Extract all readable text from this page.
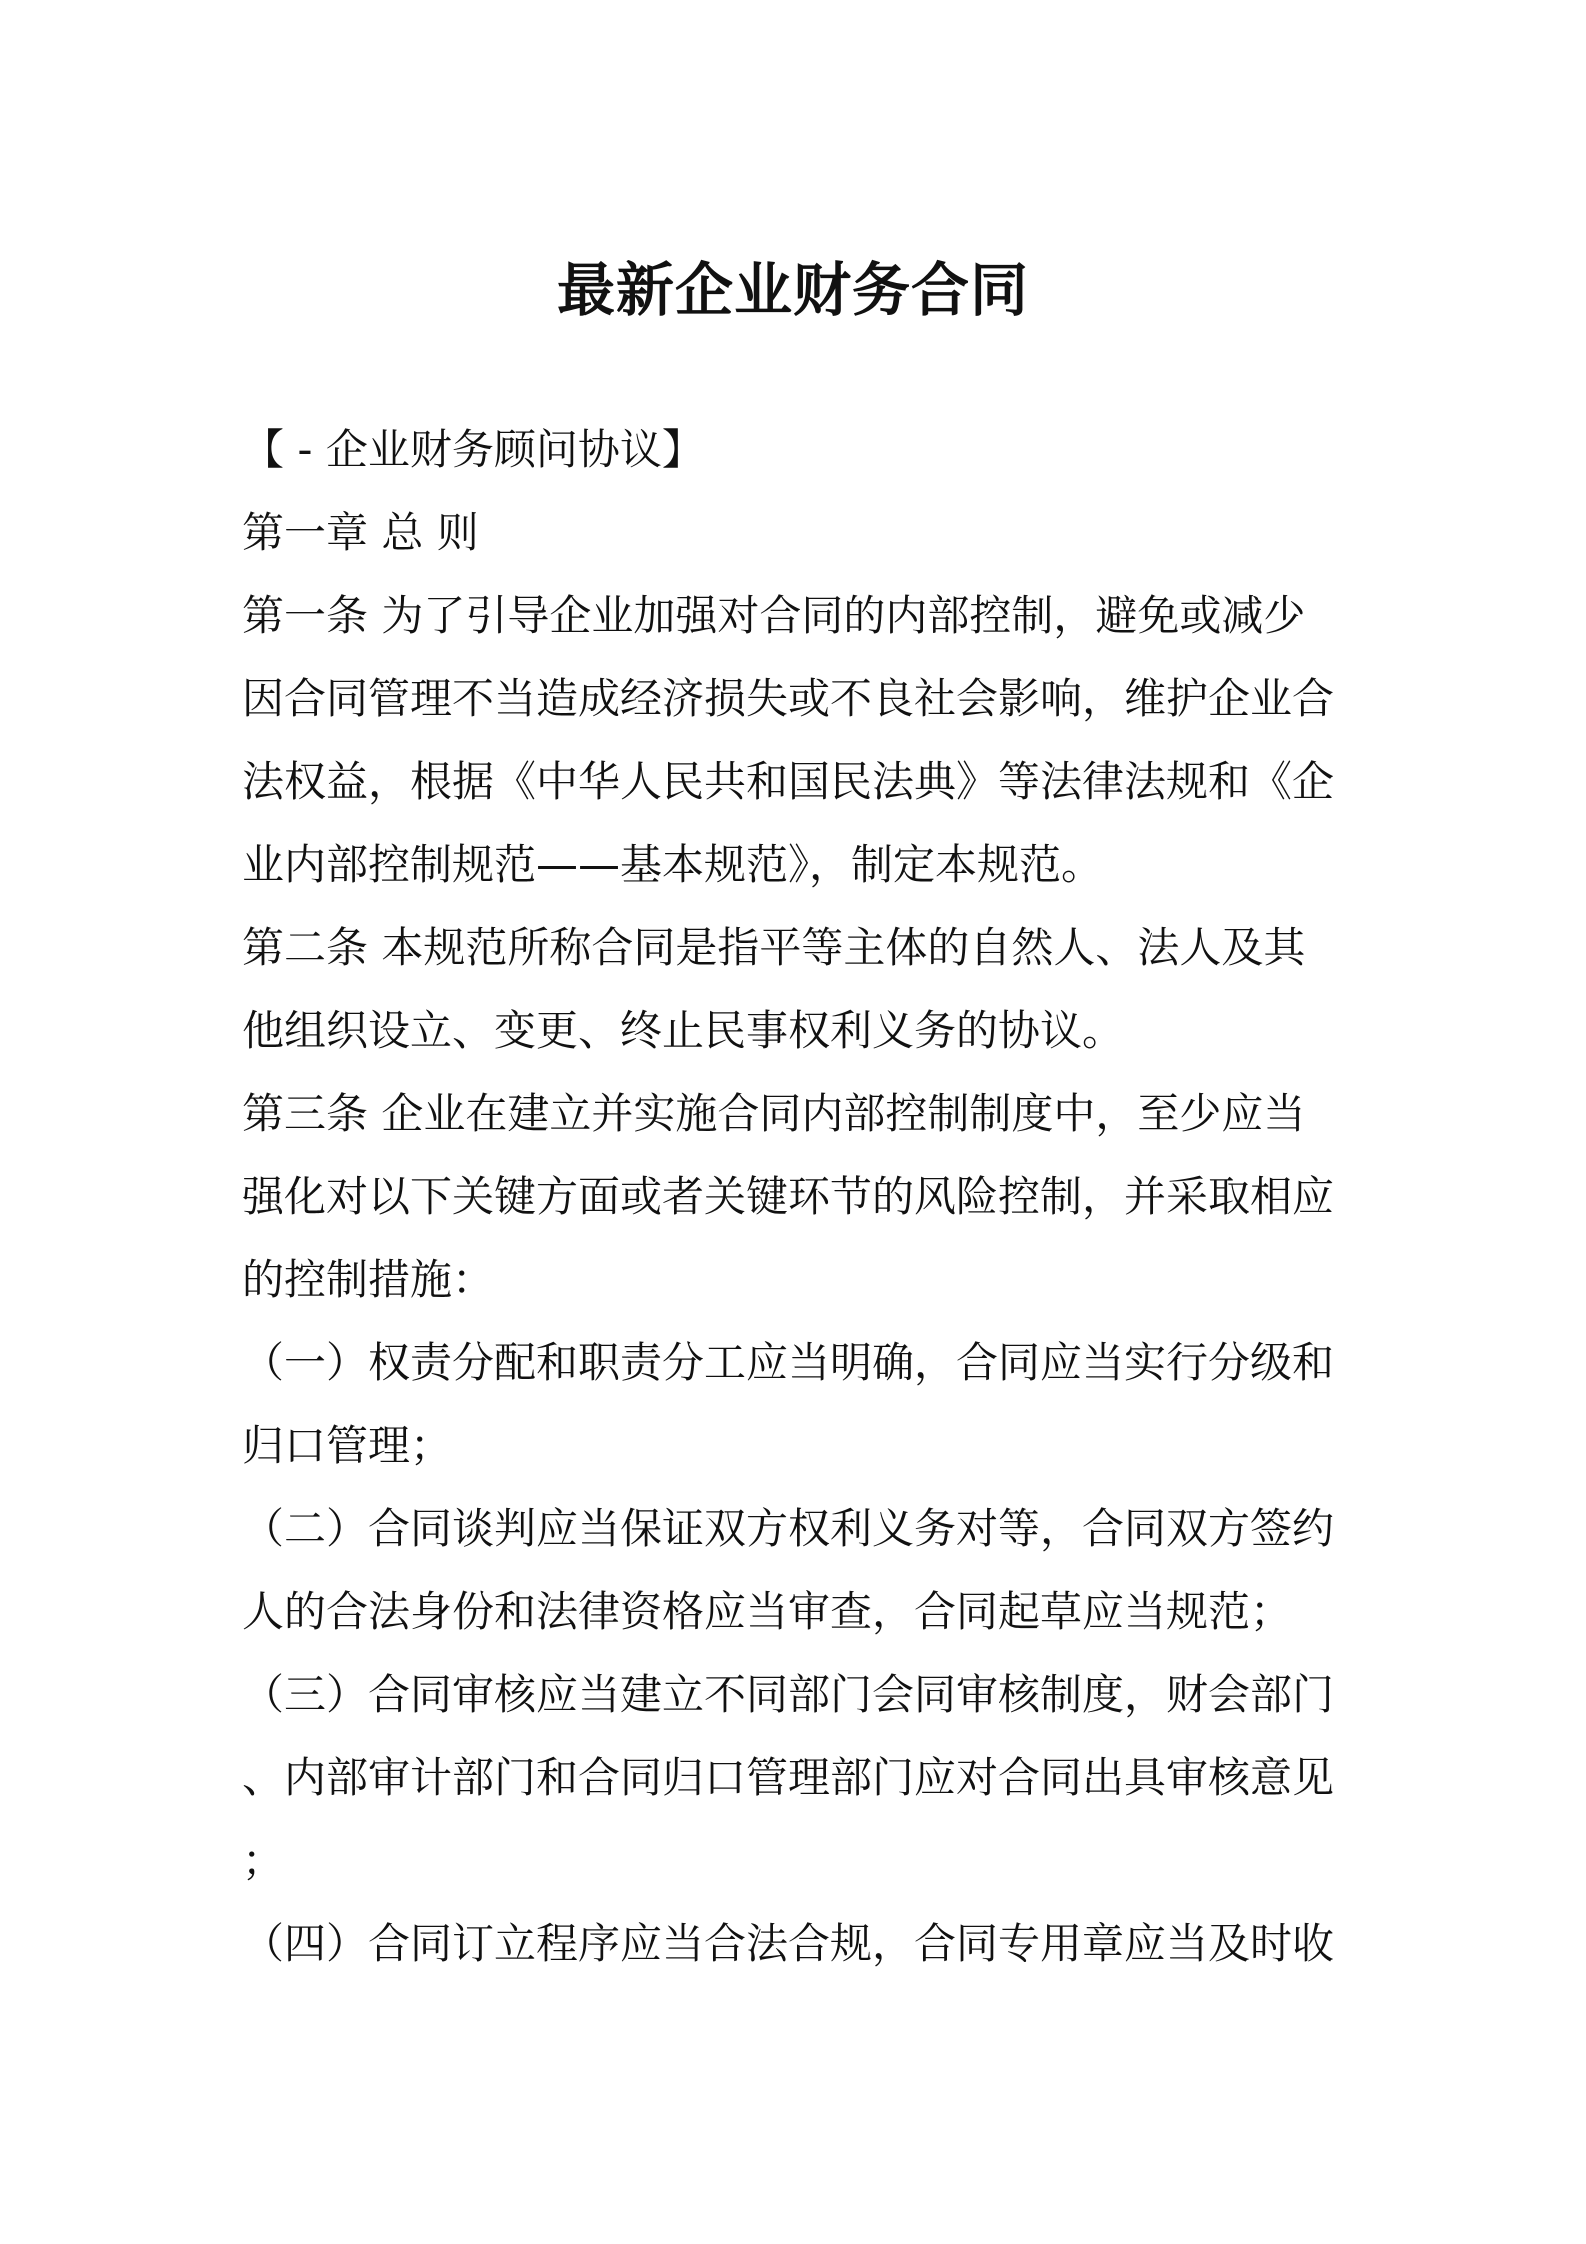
最新企业财务合同
【 - 企业财务顾问协议】
第一章 总 则
第一条 为了引导企业加强对合同的内部控制，避免或减少
因合同管理不当造成经济损失或不良社会影响，维护企业合
法权益，根据《中华人民共和国民法典》等法律法规和《企
业内部控制规范——基本规范》，制定本规范。
第二条 本规范所称合同是指平等主体的自然人、法人及其
他组织设立、变更、终止民事权利义务的协议。
第三条 企业在建立并实施合同内部控制制度中，至少应当
强化对以下关键方面或者关键环节的风险控制，并采取相应
的控制措施：
（一）权责分配和职责分工应当明确，合同应当实行分级和
归口管理；
（二）合同谈判应当保证双方权利义务对等，合同双方签约
人的合法身份和法律资格应当审查，合同起草应当规范；
（三）合同审核应当建立不同部门会同审核制度，财会部门
、内部审计部门和合同归口管理部门应对合同出具审核意见
；
（四）合同订立程序应当合法合规，合同专用章应当及时收
